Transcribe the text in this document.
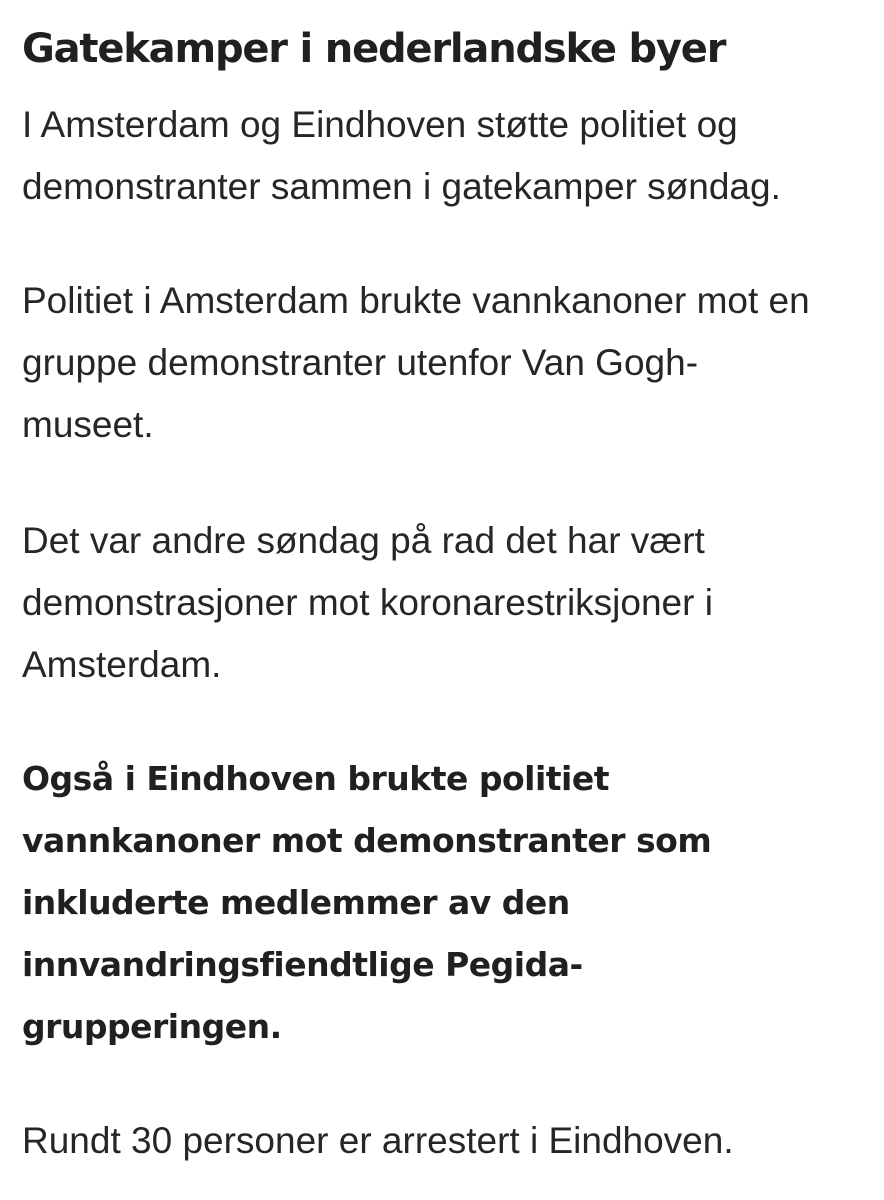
Gatekamper i nederlandske byer

I Amsterdam og Eindhoven støtte politiet og
demonstranter sammen i gatekamper søndag.

Politiet i Amsterdam brukte vannkanoner mot en
gruppe demonstranter utenfor Van Gogh-
museet.

Det var andre søndag på rad det har vært
demonstrasjoner mot koronarestriksjoner i
Amsterdam.

Også i Eindhoven brukte politiet
vannkanoner mot demonstranter som
inkluderte medlemmer av den
innvandringsfiendtlige Pegida-
grupperingen.

Rundt 30 personer er arrestert i Eindhoven.
